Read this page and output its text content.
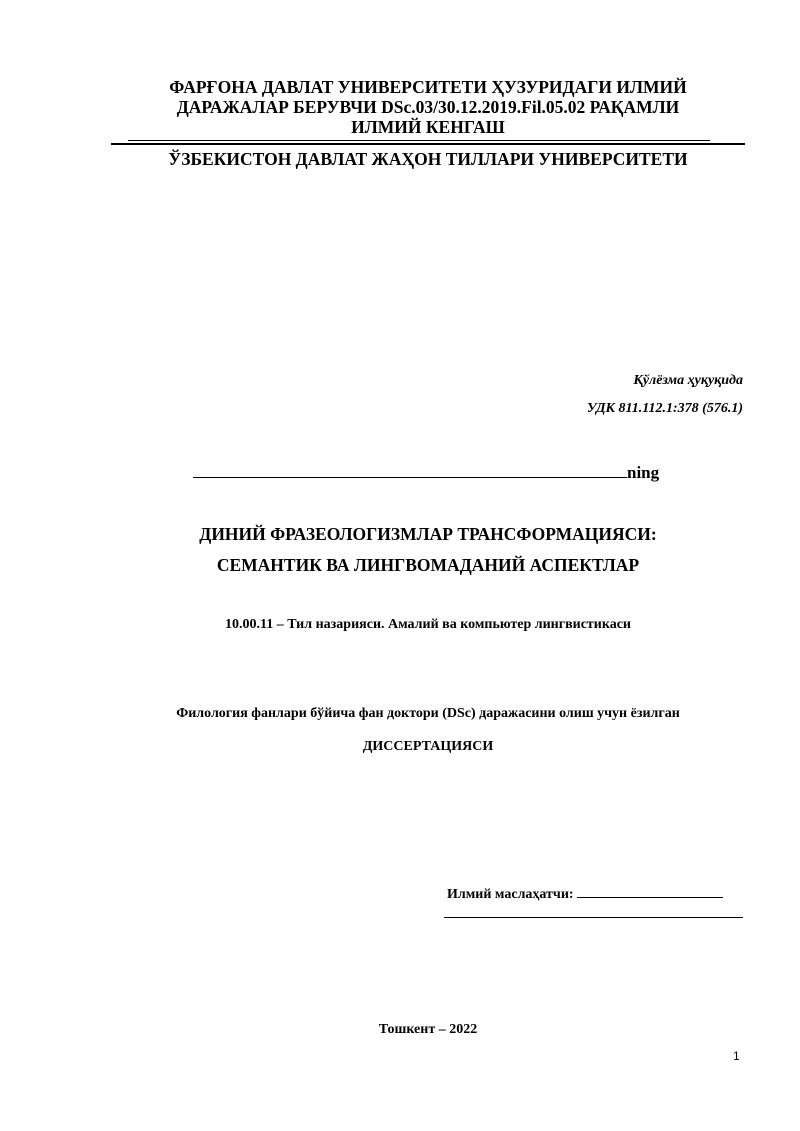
ФАРҒОНА ДАВЛАТ УНИВЕРСИТЕТИ ҲУЗУРИДАГИ ИЛМИЙ
ДАРАЖАЛАР БЕРУВЧИ DSc.03/30.12.2019.Fil.05.02 РАҚАМЛИ
ИЛМИЙ КЕНГАШ
ЎЗБЕКИСТОН ДАВЛАТ ЖАҲОН ТИЛЛАРИ УНИВЕРСИТЕТИ
Қўлёзма ҳуқуқида
УДК 811.112.1:378 (576.1)
ning
ДИНИЙ ФРАЗЕОЛОГИЗМЛАР ТРАНСФОРМАЦИЯСИ:
СЕМАНТИК ВА ЛИНГВОМАДАНИЙ АСПЕКТЛАР
10.00.11 – Тил назарияси. Амалий ва компьютер лингвистикаси
Филология фанлари бўйича фан доктори (DSc) даражасини олиш учун ёзилган
ДИССЕРТАЦИЯСИ
Илмий маслаҳатчи:
Тошкент – 2022
1
